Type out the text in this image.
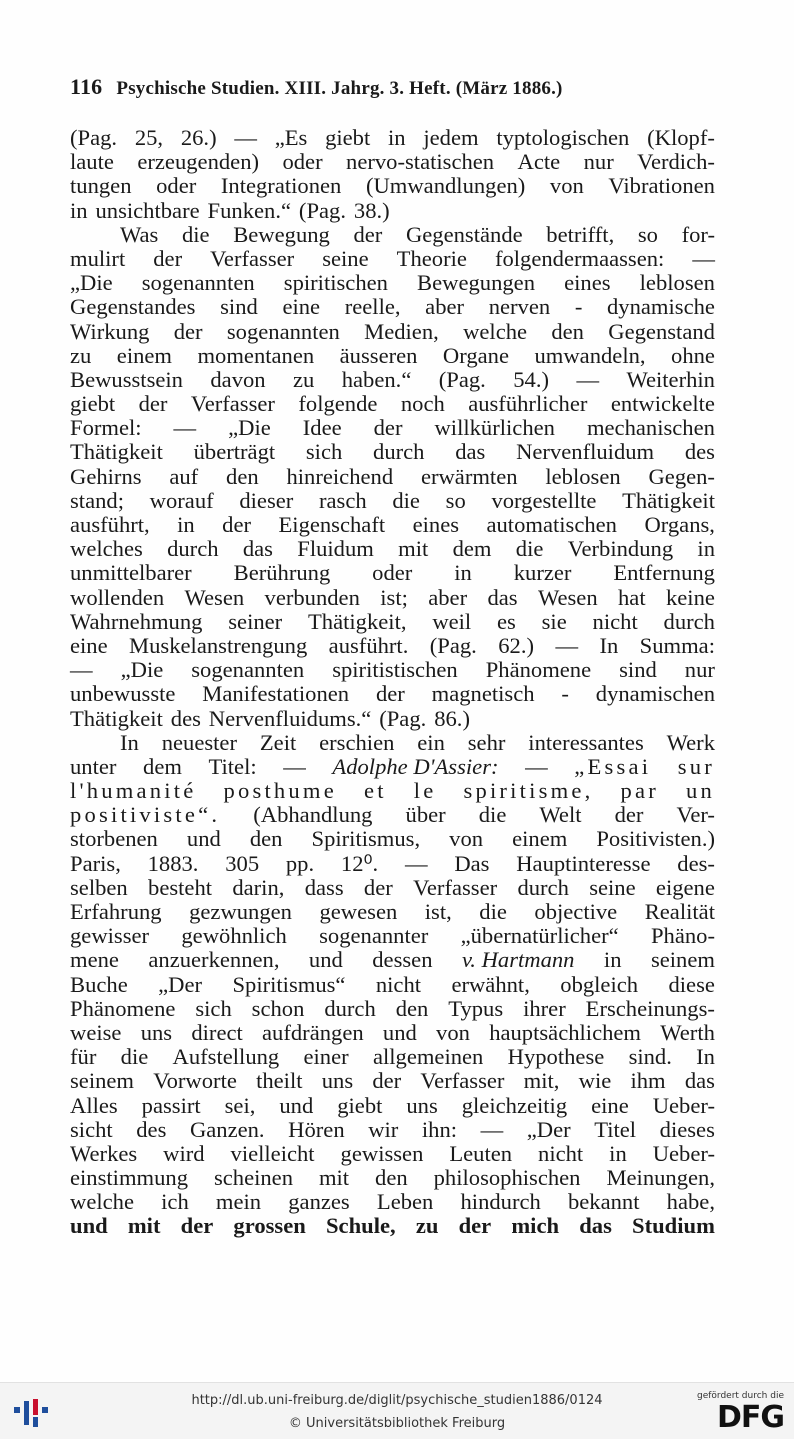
116 Psychische Studien. XIII. Jahrg. 3. Heft. (März 1886.)
(Pag. 25, 26.) — „Es giebt in jedem typtologischen (Klopf-
laute erzeugenden) oder nervo-statischen Acte nur Verdich-
tungen oder Integrationen (Umwandlungen) von Vibrationen
in unsichtbare Funken.“ (Pag. 38.)
Was die Bewegung der Gegenstände betrifft, so for-
mulirt der Verfasser seine Theorie folgendermaassen: —
„Die sogenannten spiritischen Bewegungen eines leblosen
Gegenstandes sind eine reelle, aber nerven - dynamische
Wirkung der sogenannten Medien, welche den Gegenstand
zu einem momentanen äusseren Organe umwandeln, ohne
Bewusstsein davon zu haben.“ (Pag. 54.) — Weiterhin
giebt der Verfasser folgende noch ausführlicher entwickelte
Formel: — „Die Idee der willkürlichen mechanischen
Thätigkeit überträgt sich durch das Nervenfluidum des
Gehirns auf den hinreichend erwärmten leblosen Gegen-
stand; worauf dieser rasch die so vorgestellte Thätigkeit
ausführt, in der Eigenschaft eines automatischen Organs,
welches durch das Fluidum mit dem die Verbindung in
unmittelbarer Berührung oder in kurzer Entfernung
wollenden Wesen verbunden ist; aber das Wesen hat keine
Wahrnehmung seiner Thätigkeit, weil es sie nicht durch
eine Muskelanstrengung ausführt. (Pag. 62.) — In Summa:
— „Die sogenannten spiritistischen Phänomene sind nur
unbewusste Manifestationen der magnetisch - dynamischen
Thätigkeit des Nervenfluidums.“ (Pag. 86.)
In neuester Zeit erschien ein sehr interessantes Werk
unter dem Titel: — Adolphe D'Assier: — „Essai sur
l'humanité posthume et le spiritisme, par un
positiviste“. (Abhandlung über die Welt der Ver-
storbenen und den Spiritismus, von einem Positivisten.)
Paris, 1883. 305 pp. 12⁰. — Das Hauptinteresse des-
selben besteht darin, dass der Verfasser durch seine eigene
Erfahrung gezwungen gewesen ist, die objective Realität
gewisser gewöhnlich sogenannter „übernatürlicher“ Phäno-
mene anzuerkennen, und dessen v. Hartmann in seinem
Buche „Der Spiritismus“ nicht erwähnt, obgleich diese
Phänomene sich schon durch den Typus ihrer Erscheinungs-
weise uns direct aufdrängen und von hauptsächlichem Werth
für die Aufstellung einer allgemeinen Hypothese sind. In
seinem Vorworte theilt uns der Verfasser mit, wie ihm das
Alles passirt sei, und giebt uns gleichzeitig eine Ueber-
sicht des Ganzen. Hören wir ihn: — „Der Titel dieses
Werkes wird vielleicht gewissen Leuten nicht in Ueber-
einstimmung scheinen mit den philosophischen Meinungen,
welche ich mein ganzes Leben hindurch bekannt habe,
und mit der grossen Schule, zu der mich das Studium
http://dl.ub.uni-freiburg.de/diglit/psychische_studien1886/0124
© Universitätsbibliothek Freiburg
gefördert durch die
DFG
